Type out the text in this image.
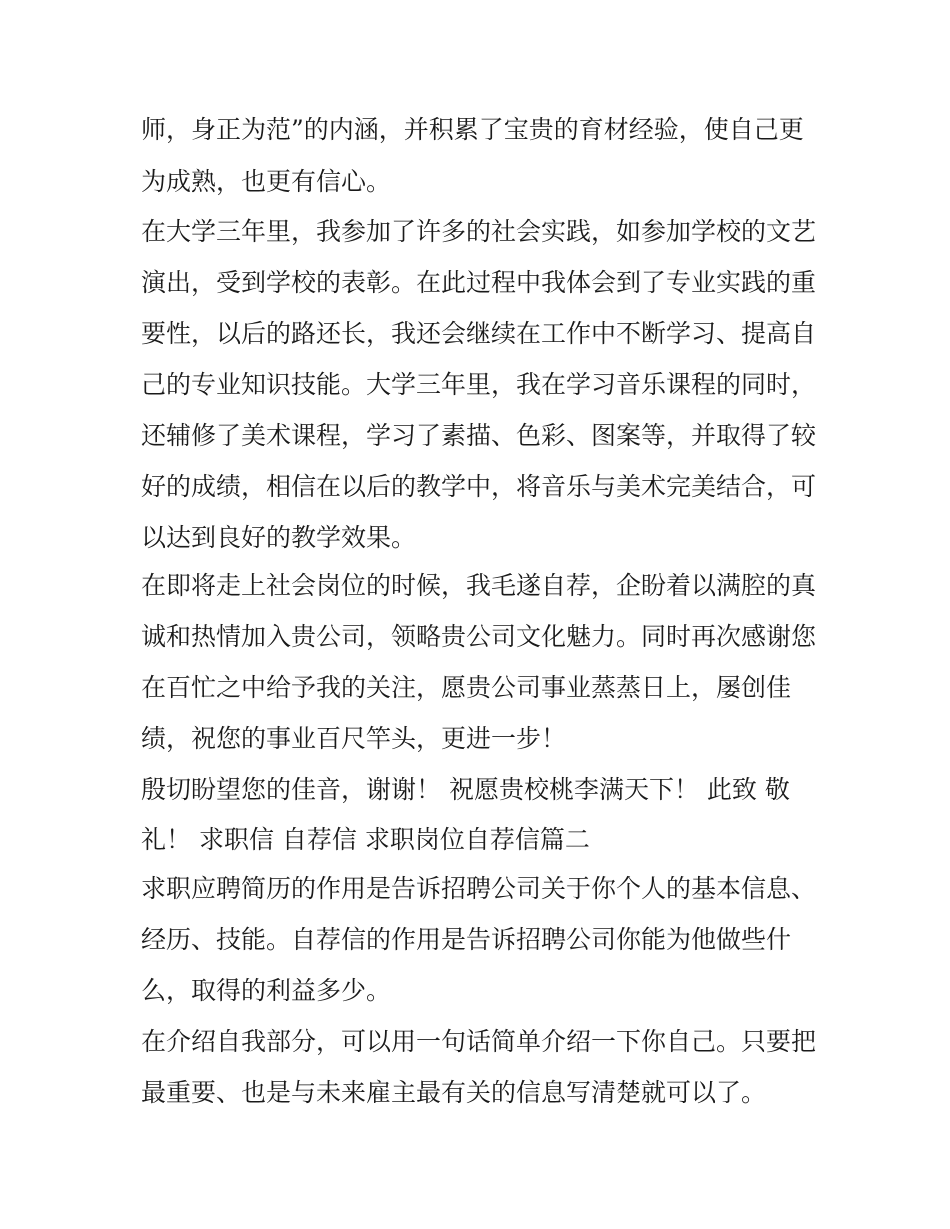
师，身正为范”的内涵，并积累了宝贵的育材经验，使自己更
为成熟，也更有信心。
在大学三年里，我参加了许多的社会实践，如参加学校的文艺
演出，受到学校的表彰。在此过程中我体会到了专业实践的重
要性，以后的路还长，我还会继续在工作中不断学习、提高自
己的专业知识技能。大学三年里，我在学习音乐课程的同时，
还辅修了美术课程，学习了素描、色彩、图案等，并取得了较
好的成绩，相信在以后的教学中，将音乐与美术完美结合，可
以达到良好的教学效果。
在即将走上社会岗位的时候，我毛遂自荐，企盼着以满腔的真
诚和热情加入贵公司，领略贵公司文化魅力。同时再次感谢您
在百忙之中给予我的关注，愿贵公司事业蒸蒸日上，屡创佳
绩，祝您的事业百尺竿头，更进一步！
殷切盼望您的佳音，谢谢！ 祝愿贵校桃李满天下！ 此致 敬
礼！ 求职信 自荐信 求职岗位自荐信篇二
求职应聘简历的作用是告诉招聘公司关于你个人的基本信息、
经历、技能。自荐信的作用是告诉招聘公司你能为他做些什
么，取得的利益多少。
在介绍自我部分，可以用一句话简单介绍一下你自己。只要把
最重要、也是与未来雇主最有关的信息写清楚就可以了。
